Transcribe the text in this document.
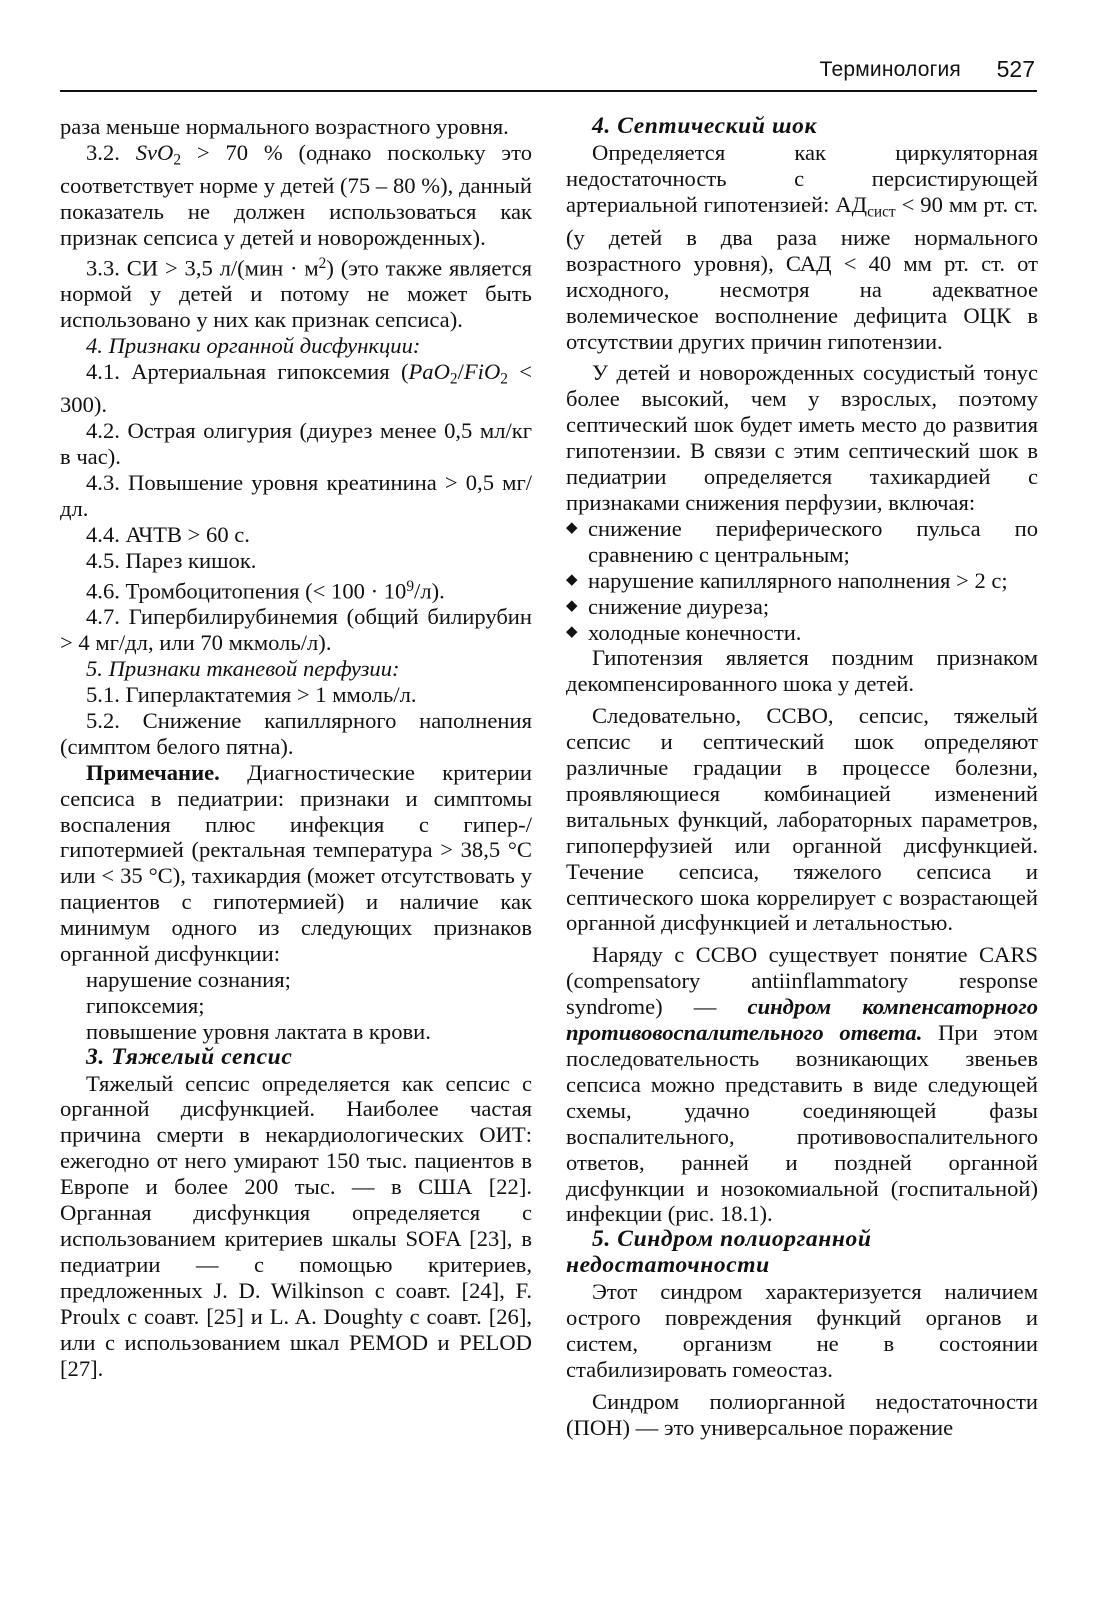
Терминология 527

раза меньше нормального возрастного уровня.

3.2. SvO$_2$ > 70 % (однако поскольку это соответствует норме у детей (75 – 80 %), данный показатель не должен использоваться как признак сепсиса у детей и новорожденных).

3.3. СИ > 3,5 $л/(мин \cdot м^2)$ (это также является нормой у детей и потому не может быть использовано у них как признак сепсиса).

4. Признаки органной дисфункции:

4.1. Артериальная гипоксемия (PaO$_2$/FiO$_2$ < 300).

4.2. Острая олигурия (диурез менее 0,5 мл/кг в час).

4.3. Повышение уровня креатинина > 0,5 мг/дл.

4.4. АЧТВ > 60 с.

4.5. Парез кишок.

4.6. Тромбоцитопения (< $100 \cdot 10^9/л$).

4.7. Гипербилирубинемия (общий билирубин > 4 мг/дл, или 70 мкмоль/л).

5. Признаки тканевой перфузии:

5.1. Гиперлактатемия > 1 ммоль/л.

5.2. Снижение капиллярного наполнения (симптом белого пятна).

Примечание. Диагностические критерии сепсиса в педиатрии: признаки и симптомы воспаления плюс инфекция с гипер-/гипотермией (ректальная температура > 38,5 °С или < 35 °С), тахикардия (может отсутствовать у пациентов с гипотермией) и наличие как минимум одного из следующих признаков органной дисфункции:

нарушение сознания;

гипоксемия;

повышение уровня лактата в крови.

3. Тяжелый сепсис

Тяжелый сепсис определяется как сепсис с органной дисфункцией. Наиболее частая причина смерти в некардиологических ОИТ: ежегодно от него умирают 150 тыс. пациентов в Европе и более 200 тыс. — в США [22]. Органная дисфункция определяется с использованием критериев шкалы SOFA [23], в педиатрии — с помощью критериев, предложенных J. D. Wilkinson с соавт. [24], F. Proulx с соавт. [25] и L. A. Doughty с соавт. [26], или с использованием шкал PEMOD и PELOD [27].

4. Септический шок

Определяется как циркуляторная недостаточность с персистирующей артериальной гипотензией: $АД_{сист} < 90$ мм рт. ст. (у детей в два раза ниже нормального возрастного уровня), САД < 40 мм рт. ст. от исходного, несмотря на адекватное волемическое восполнение дефицита ОЦК в отсутствии других причин гипотензии.

У детей и новорожденных сосудистый тонус более высокий, чем у взрослых, поэтому септический шок будет иметь место до развития гипотензии. В связи с этим септический шок в педиатрии определяется тахикардией с признаками снижения перфузии, включая:

◆ снижение периферического пульса по сравнению с центральным;
◆ нарушение капиллярного наполнения > 2 с;
◆ снижение диуреза;
◆ холодные конечности.

Гипотензия является поздним признаком декомпенсированного шока у детей.

Следовательно, ССВО, сепсис, тяжелый сепсис и септический шок определяют различные градации в процессе болезни, проявляющиеся комбинацией изменений витальных функций, лабораторных параметров, гипоперфузией или органной дисфункцией. Течение сепсиса, тяжелого сепсиса и септического шока коррелирует с возрастающей органной дисфункцией и летальностью.

Наряду с ССВО существует понятие CARS (compensatory antiinflammatory response syndrome) — синдром компенсаторного противовоспалительного ответа. При этом последовательность возникающих звеньев сепсиса можно представить в виде следующей схемы, удачно соединяющей фазы воспалительного, противовоспалительного ответов, ранней и поздней органной дисфункции и нозокомиальной (госпитальной) инфекции (рис. 18.1).

5. Синдром полиорганной недостаточности

Этот синдром характеризуется наличием острого повреждения функций органов и систем, организм не в состоянии стабилизировать гомеостаз.

Синдром полиорганной недостаточности (ПОН) — это универсальное поражение
